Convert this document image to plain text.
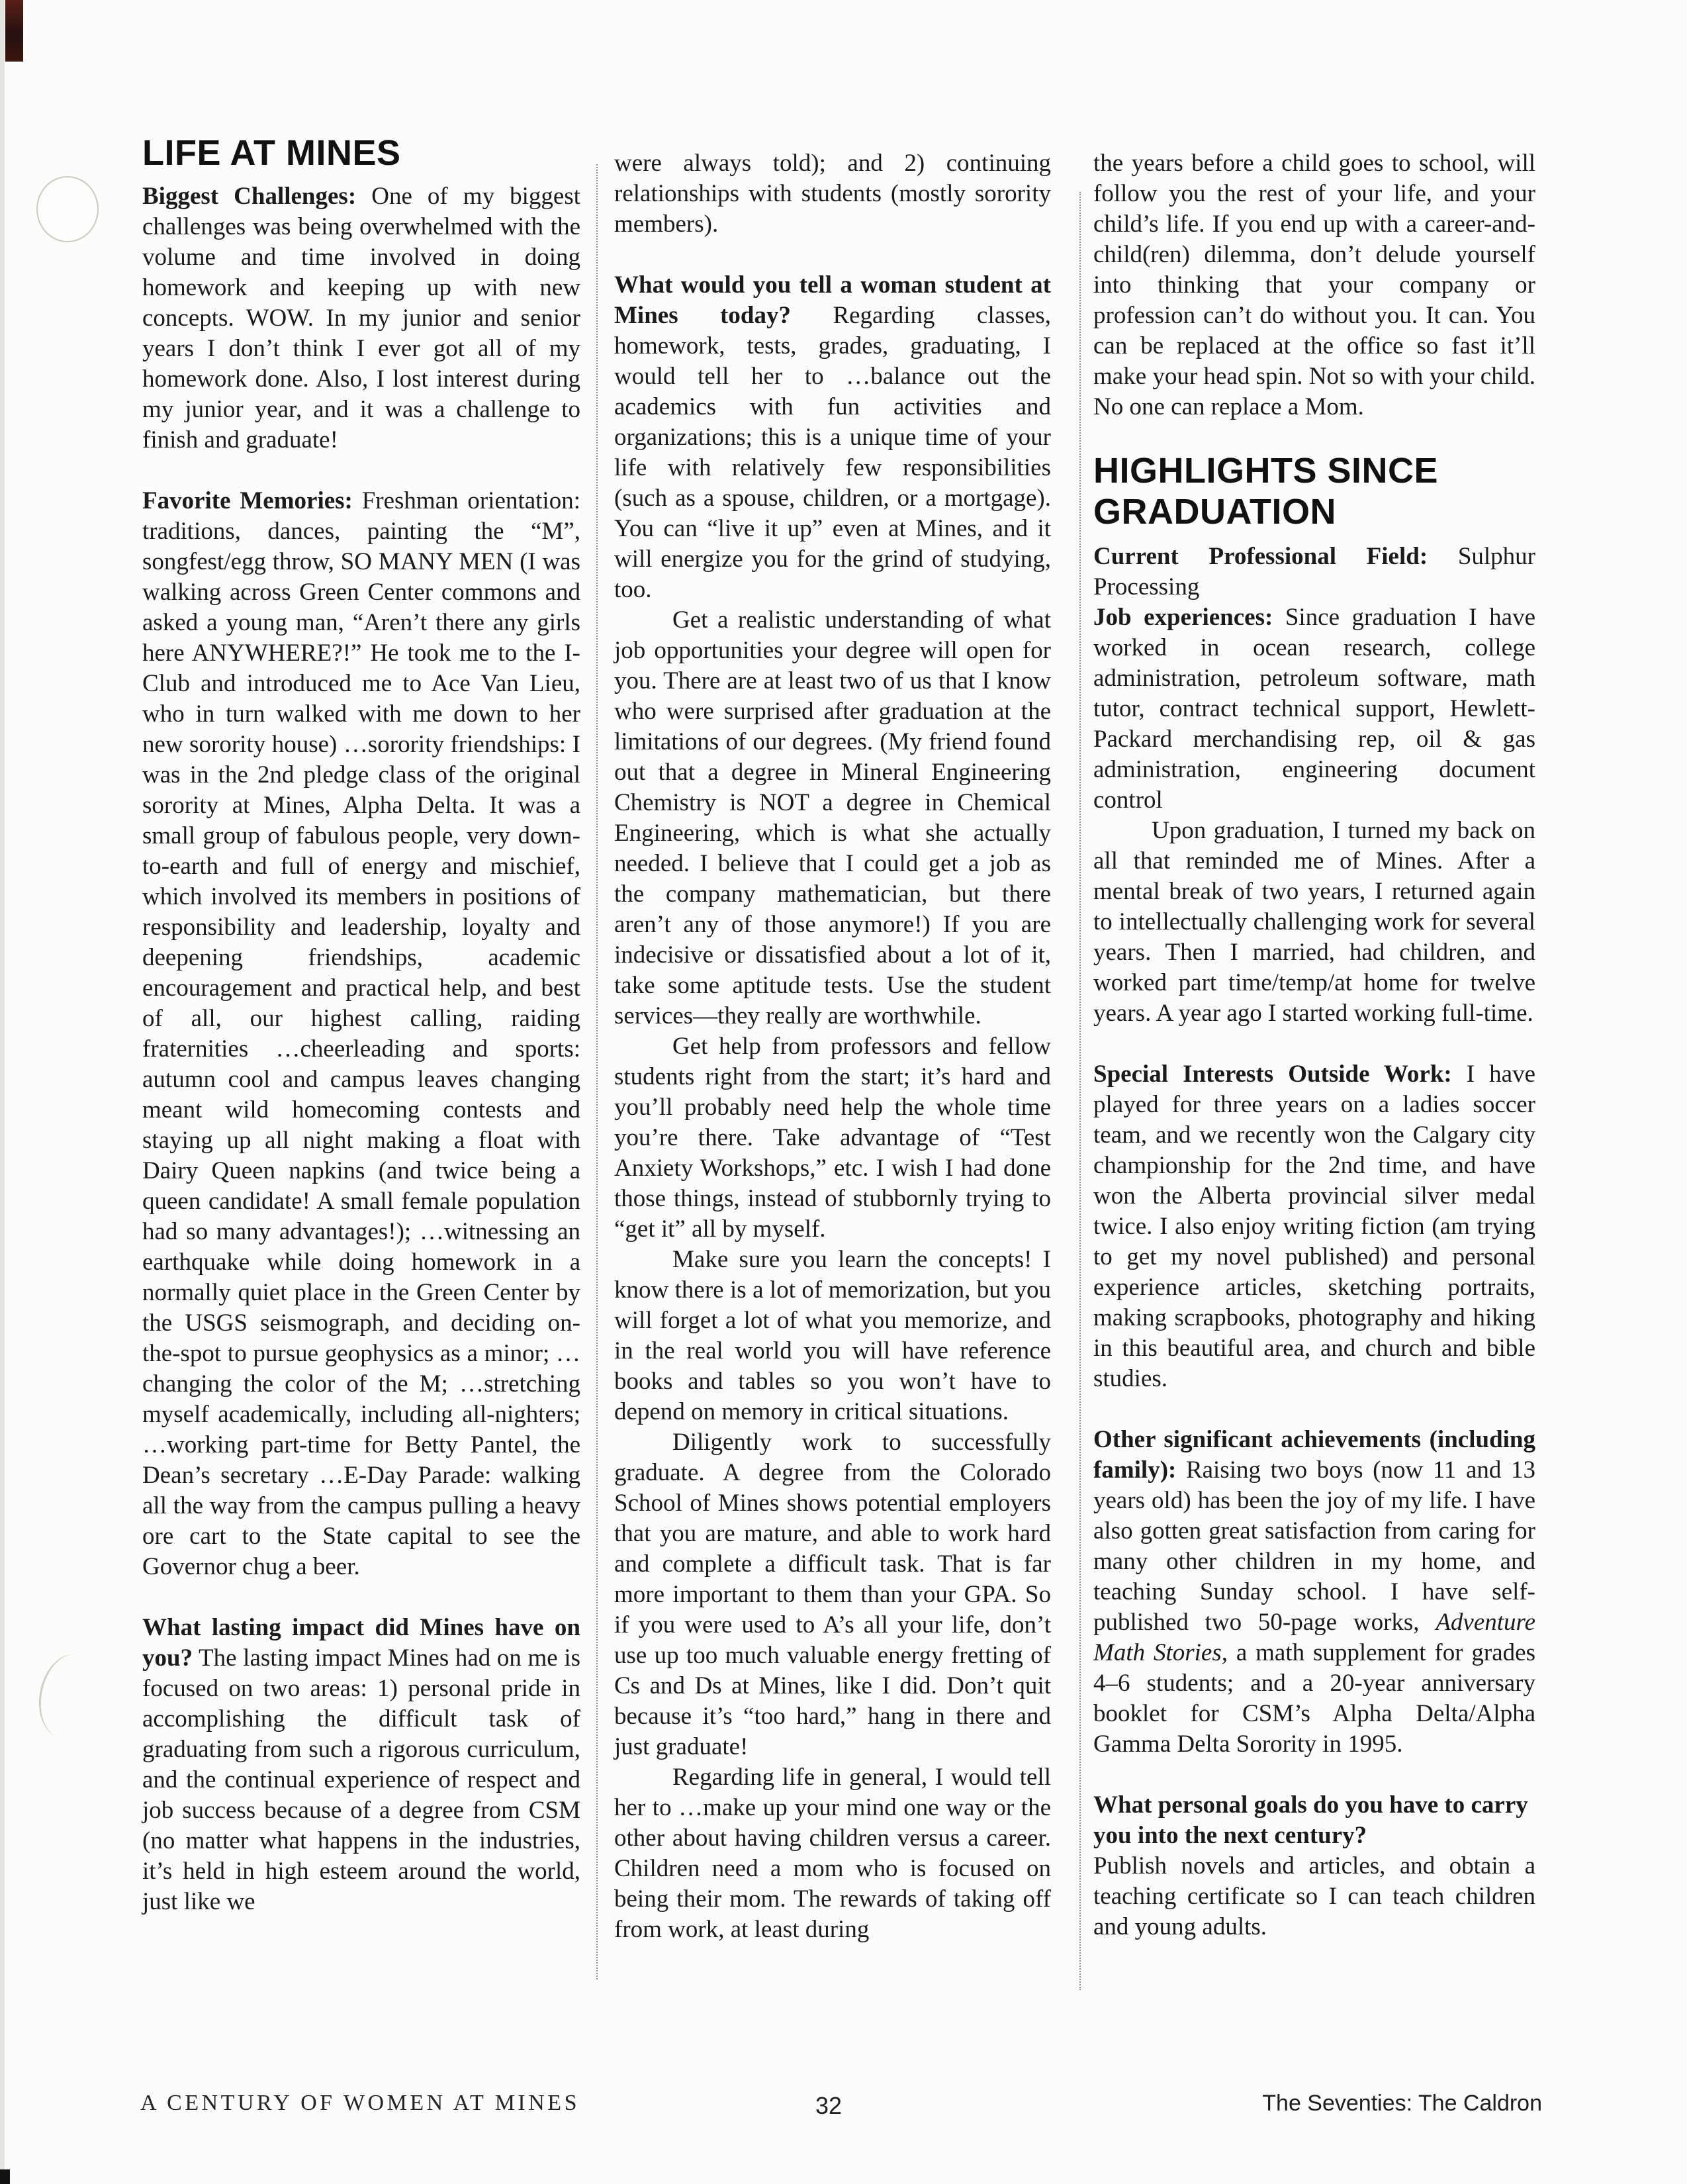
LIFE AT MINES

Biggest Challenges: One of my biggest challenges was being overwhelmed with the volume and time involved in doing homework and keeping up with new concepts. WOW. In my junior and senior years I don’t think I ever got all of my homework done. Also, I lost interest during my junior year, and it was a challenge to finish and graduate!

Favorite Memories: Freshman orientation: traditions, dances, painting the “M”, songfest/egg throw, SO MANY MEN (I was walking across Green Center commons and asked a young man, “Aren’t there any girls here ANYWHERE?!” He took me to the I-Club and introduced me to Ace Van Lieu, who in turn walked with me down to her new sorority house) …sorority friendships: I was in the 2nd pledge class of the original sorority at Mines, Alpha Delta. It was a small group of fabulous people, very down-to-earth and full of energy and mischief, which involved its members in positions of responsibility and leadership, loyalty and deepening friendships, academic encouragement and practical help, and best of all, our highest calling, raiding fraternities …cheerleading and sports: autumn cool and campus leaves changing meant wild homecoming contests and staying up all night making a float with Dairy Queen napkins (and twice being a queen candidate! A small female population had so many advantages!); …witnessing an earthquake while doing homework in a normally quiet place in the Green Center by the USGS seismograph, and deciding on-the-spot to pursue geophysics as a minor; …changing the color of the M; …stretching myself academically, including all-nighters; …working part-time for Betty Pantel, the Dean’s secretary …E-Day Parade: walking all the way from the campus pulling a heavy ore cart to the State capital to see the Governor chug a beer.

What lasting impact did Mines have on you? The lasting impact Mines had on me is focused on two areas: 1) personal pride in accomplishing the difficult task of graduating from such a rigorous curriculum, and the continual experience of respect and job success because of a degree from CSM (no matter what happens in the industries, it’s held in high esteem around the world, just like we

were always told); and 2) continuing relationships with students (mostly sorority members).

What would you tell a woman student at Mines today? Regarding classes, homework, tests, grades, graduating, I would tell her to …balance out the academics with fun activities and organizations; this is a unique time of your life with relatively few responsibilities (such as a spouse, children, or a mortgage). You can “live it up” even at Mines, and it will energize you for the grind of studying, too.

Get a realistic understanding of what job opportunities your degree will open for you. There are at least two of us that I know who were surprised after graduation at the limitations of our degrees. (My friend found out that a degree in Mineral Engineering Chemistry is NOT a degree in Chemical Engineering, which is what she actually needed. I believe that I could get a job as the company mathematician, but there aren’t any of those anymore!) If you are indecisive or dissatisfied about a lot of it, take some aptitude tests. Use the student services—they really are worthwhile.

Get help from professors and fellow students right from the start; it’s hard and you’ll probably need help the whole time you’re there. Take advantage of “Test Anxiety Workshops,” etc. I wish I had done those things, instead of stubbornly trying to “get it” all by myself.

Make sure you learn the concepts! I know there is a lot of memorization, but you will forget a lot of what you memorize, and in the real world you will have reference books and tables so you won’t have to depend on memory in critical situations.

Diligently work to successfully graduate. A degree from the Colorado School of Mines shows potential employers that you are mature, and able to work hard and complete a difficult task. That is far more important to them than your GPA. So if you were used to A’s all your life, don’t use up too much valuable energy fretting of Cs and Ds at Mines, like I did. Don’t quit because it’s “too hard,” hang in there and just graduate!

Regarding life in general, I would tell her to …make up your mind one way or the other about having children versus a career. Children need a mom who is focused on being their mom. The rewards of taking off from work, at least during

the years before a child goes to school, will follow you the rest of your life, and your child’s life. If you end up with a career-and-child(ren) dilemma, don’t delude yourself into thinking that your company or profession can’t do without you. It can. You can be replaced at the office so fast it’ll make your head spin. Not so with your child. No one can replace a Mom.

HIGHLIGHTS SINCE GRADUATION

Current Professional Field: Sulphur Processing

Job experiences: Since graduation I have worked in ocean research, college administration, petroleum software, math tutor, contract technical support, Hewlett-Packard merchandising rep, oil & gas administration, engineering document control

Upon graduation, I turned my back on all that reminded me of Mines. After a mental break of two years, I returned again to intellectually challenging work for several years. Then I married, had children, and worked part time/temp/at home for twelve years. A year ago I started working full-time.

Special Interests Outside Work: I have played for three years on a ladies soccer team, and we recently won the Calgary city championship for the 2nd time, and have won the Alberta provincial silver medal twice. I also enjoy writing fiction (am trying to get my novel published) and personal experience articles, sketching portraits, making scrapbooks, photography and hiking in this beautiful area, and church and bible studies.

Other significant achievements (including family): Raising two boys (now 11 and 13 years old) has been the joy of my life. I have also gotten great satisfaction from caring for many other children in my home, and teaching Sunday school. I have self-published two 50-page works, Adventure Math Stories, a math supplement for grades 4–6 students; and a 20-year anniversary booklet for CSM’s Alpha Delta/Alpha Gamma Delta Sorority in 1995.

What personal goals do you have to carry you into the next century?
Publish novels and articles, and obtain a teaching certificate so I can teach children and young adults.

A CENTURY OF WOMEN AT MINES	32	The Seventies: The Caldron
